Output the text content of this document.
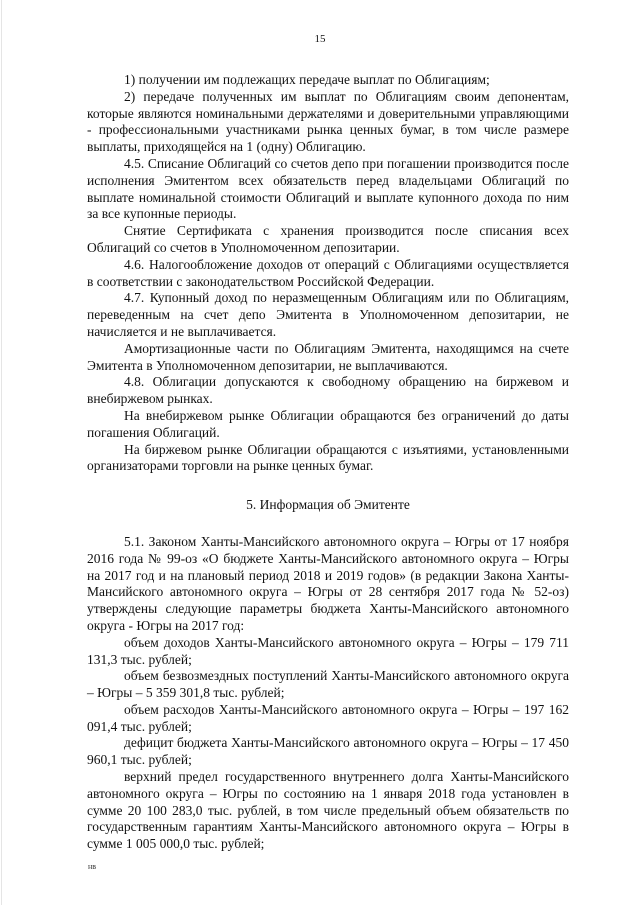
15

1) получении им подлежащих передаче выплат по Облигациям;

2) передаче полученных им выплат по Облигациям своим депонентам, которые являются номинальными держателями и доверительными управляющими - профессиональными участниками рынка ценных бумаг, в том числе размере выплаты, приходящейся на 1 (одну) Облигацию.

4.5. Списание Облигаций со счетов депо при погашении производится после исполнения Эмитентом всех обязательств перед владельцами Облигаций по выплате номинальной стоимости Облигаций и выплате купонного дохода по ним за все купонные периоды.

Снятие Сертификата с хранения производится после списания всех Облигаций со счетов в Уполномоченном депозитарии.

4.6. Налогообложение доходов от операций с Облигациями осуществляется в соответствии с законодательством Российской Федерации.

4.7. Купонный доход по неразмещенным Облигациям или по Облигациям, переведенным на счет депо Эмитента в Уполномоченном депозитарии, не начисляется и не выплачивается.

Амортизационные части по Облигациям Эмитента, находящимся на счете Эмитента в Уполномоченном депозитарии, не выплачиваются.

4.8. Облигации допускаются к свободному обращению на биржевом и внебиржевом рынках.

На внебиржевом рынке Облигации обращаются без ограничений до даты погашения Облигаций.

На биржевом рынке Облигации обращаются с изъятиями, установленными организаторами торговли на рынке ценных бумаг.

5. Информация об Эмитенте

5.1. Законом Ханты-Мансийского автономного округа – Югры от 17 ноября 2016 года № 99-оз «О бюджете Ханты-Мансийского автономного округа – Югры на 2017 год и на плановый период 2018 и 2019 годов» (в редакции Закона Ханты-Мансийского автономного округа – Югры от 28 сентября 2017 года № 52-оз) утверждены следующие параметры бюджета Ханты-Мансийского автономного округа - Югры на 2017 год:

объем доходов Ханты-Мансийского автономного округа – Югры – 179 711 131,3 тыс. рублей;

объем безвозмездных поступлений Ханты-Мансийского автономного округа – Югры – 5 359 301,8 тыс. рублей;

объем расходов Ханты-Мансийского автономного округа – Югры – 197 162 091,4 тыс. рублей;

дефицит бюджета Ханты-Мансийского автономного округа – Югры – 17 450 960,1 тыс. рублей;

верхний предел государственного внутреннего долга Ханты-Мансийского автономного округа – Югры по состоянию на 1 января 2018 года установлен в сумме 20 100 283,0 тыс. рублей, в том числе предельный объем обязательств по государственным гарантиям Ханты-Мансийского автономного округа – Югры в сумме 1 005 000,0 тыс. рублей;

нв
